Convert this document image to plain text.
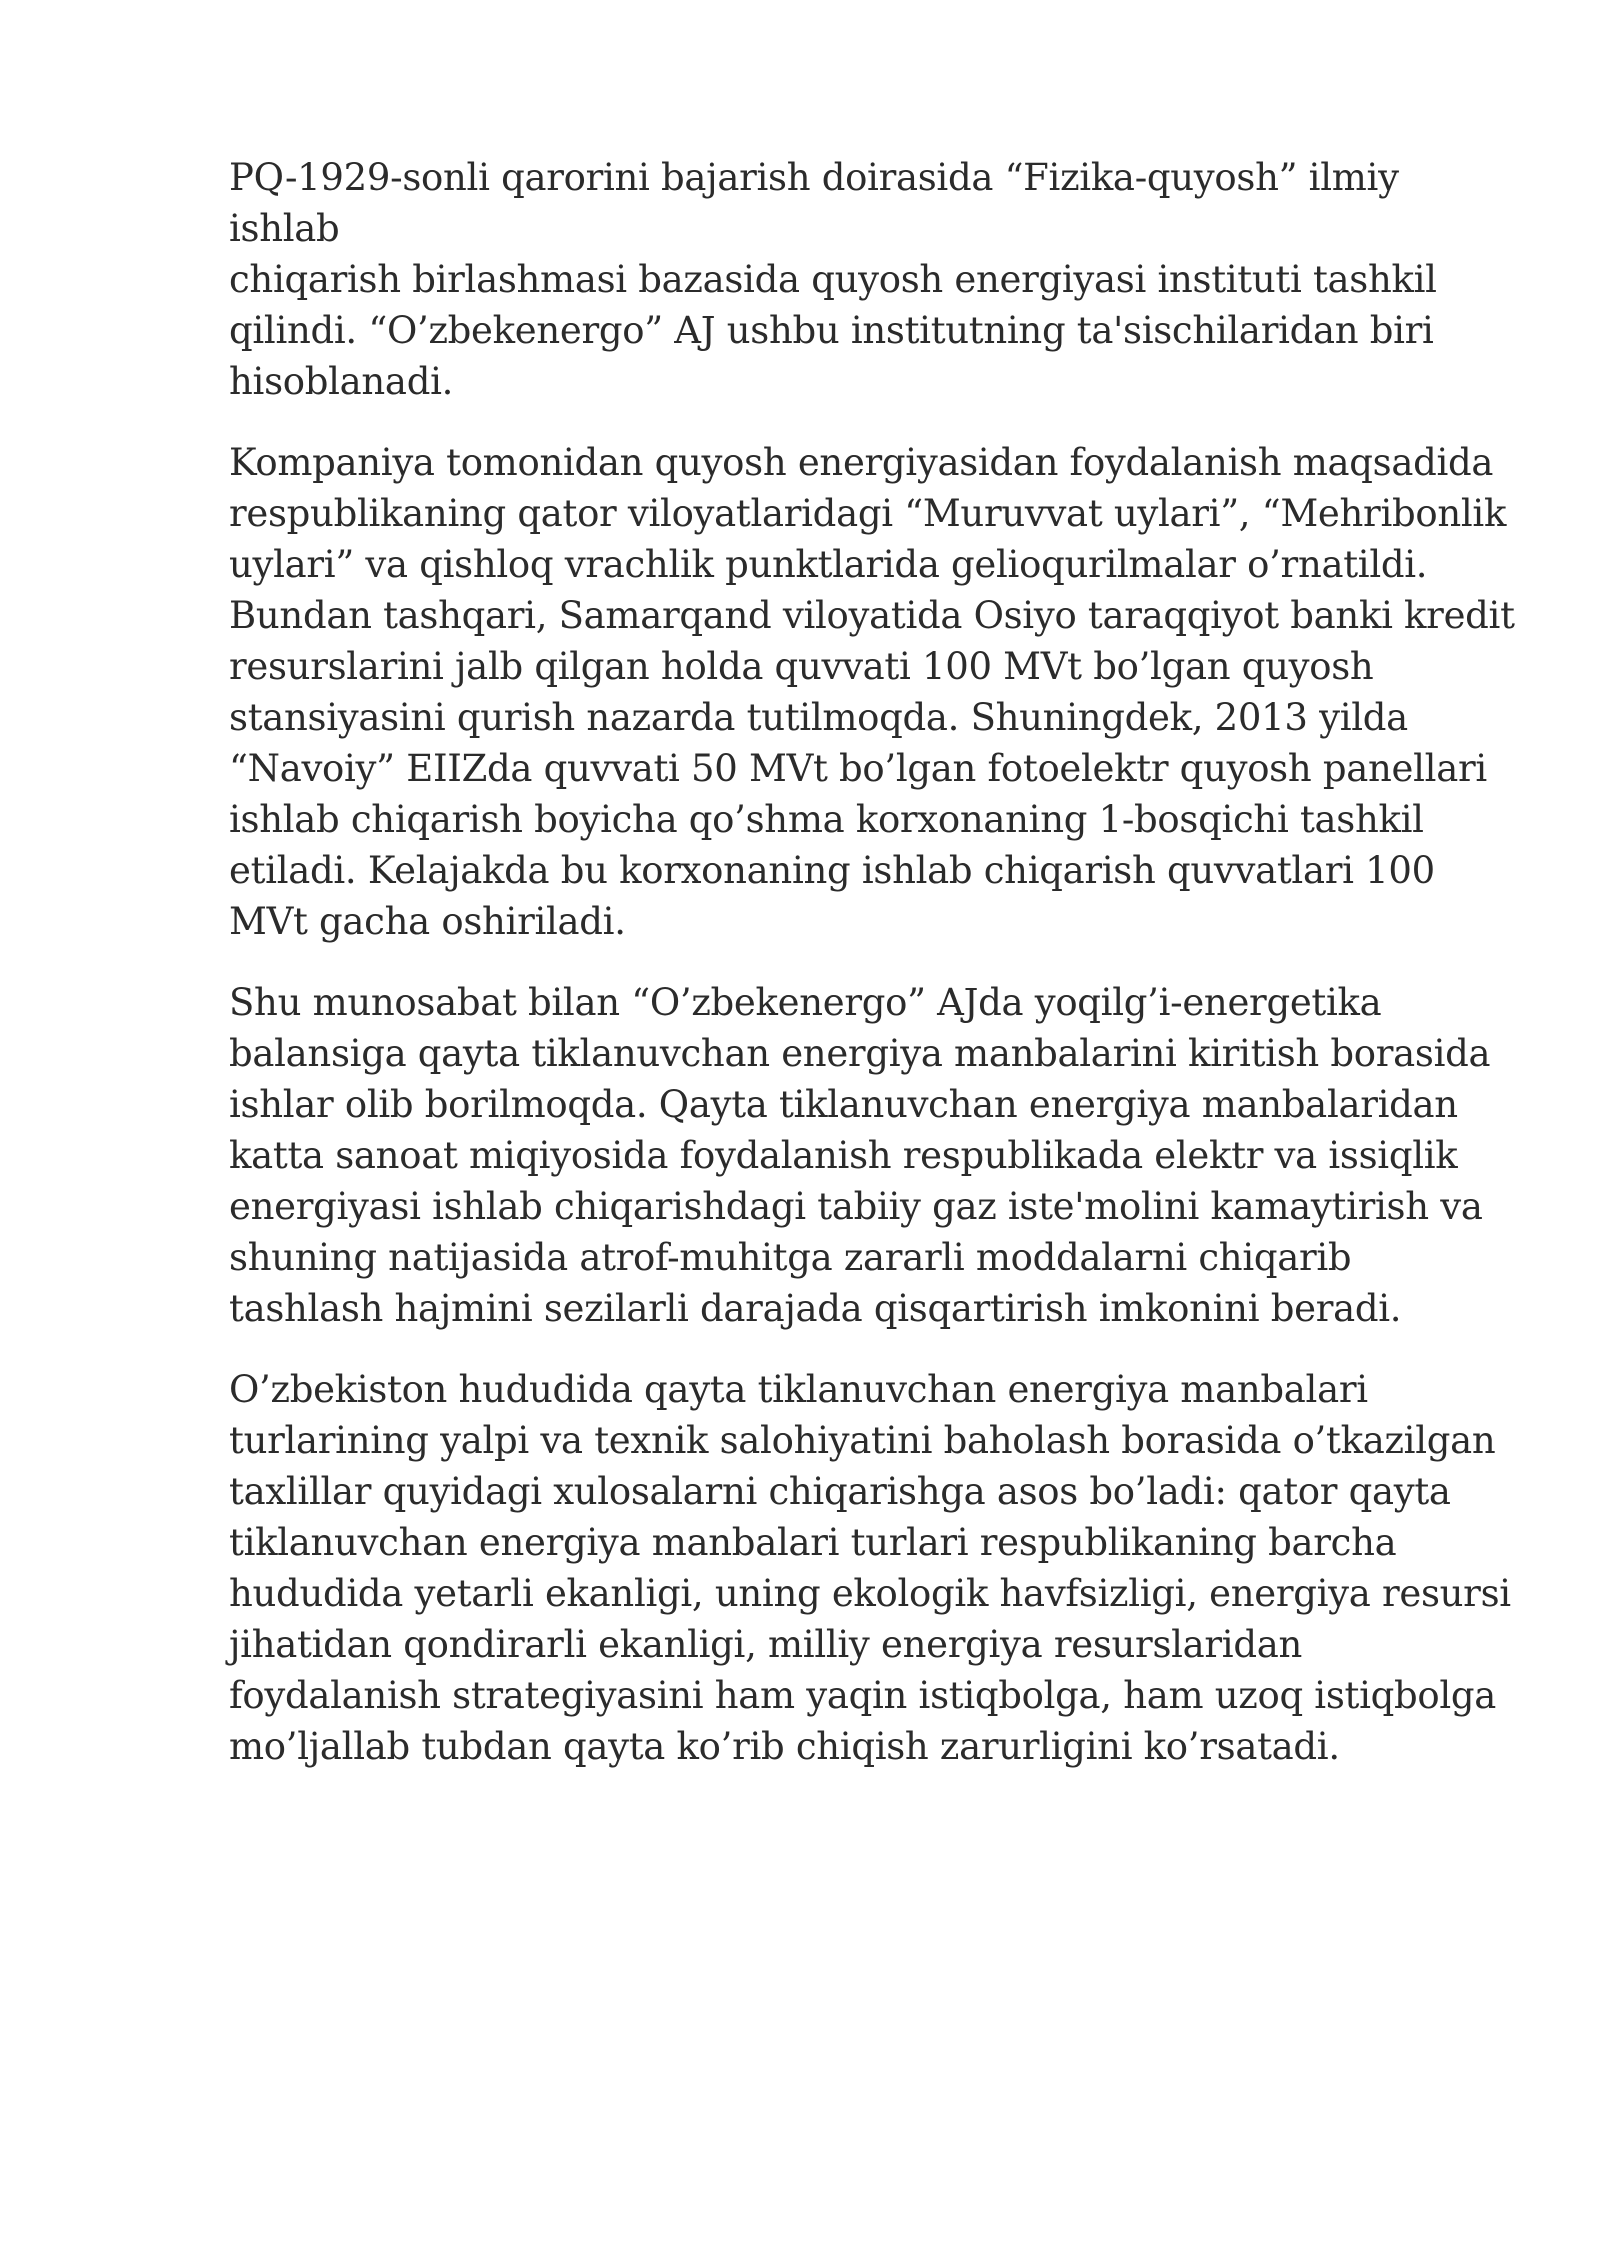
PQ-1929-sonli qarorini bajarish doirasida “Fizika-quyosh” ilmiy ishlab
chiqarish birlashmasi bazasida quyosh energiyasi instituti tashkil
qilindi. “O’zbekenergo” AJ ushbu institutning ta'sischilaridan biri
hisoblanadi.

Kompaniya tomonidan quyosh energiyasidan foydalanish maqsadida
respublikaning qator viloyatlaridagi “Muruvvat uylari”, “Mehribonlik
uylari” va qishloq vrachlik punktlarida gelioqurilmalar o’rnatildi.
Bundan tashqari, Samarqand viloyatida Osiyo taraqqiyot banki kredit
resurslarini jalb qilgan holda quvvati 100 MVt bo’lgan quyosh
stansiyasini qurish nazarda tutilmoqda. Shuningdek, 2013 yilda
“Navoiy” EIIZda quvvati 50 MVt bo’lgan fotoelektr quyosh panellari
ishlab chiqarish boyicha qo’shma korxonaning 1-bosqichi tashkil
etiladi. Kelajakda bu korxonaning ishlab chiqarish quvvatlari 100
MVt gacha oshiriladi.

Shu munosabat bilan “O’zbekenergo” AJda yoqilg’i-energetika
balansiga qayta tiklanuvchan energiya manbalarini kiritish borasida
ishlar olib borilmoqda. Qayta tiklanuvchan energiya manbalaridan
katta sanoat miqiyosida foydalanish respublikada elektr va issiqlik
energiyasi ishlab chiqarishdagi tabiiy gaz iste'molini kamaytirish va
shuning natijasida atrof-muhitga zararli moddalarni chiqarib
tashlash hajmini sezilarli darajada qisqartirish imkonini beradi.

O’zbekiston hududida qayta tiklanuvchan energiya manbalari
turlarining yalpi va texnik salohiyatini baholash borasida o’tkazilgan
taxlillar quyidagi xulosalarni chiqarishga asos bo’ladi: qator qayta
tiklanuvchan energiya manbalari turlari respublikaning barcha
hududida yetarli ekanligi, uning ekologik havfsizligi, energiya resursi
jihatidan qondirarli ekanligi, milliy energiya resurslaridan
foydalanish strategiyasini ham yaqin istiqbolga, ham uzoq istiqbolga
mo’ljallab tubdan qayta ko’rib chiqish zarurligini ko’rsatadi.
